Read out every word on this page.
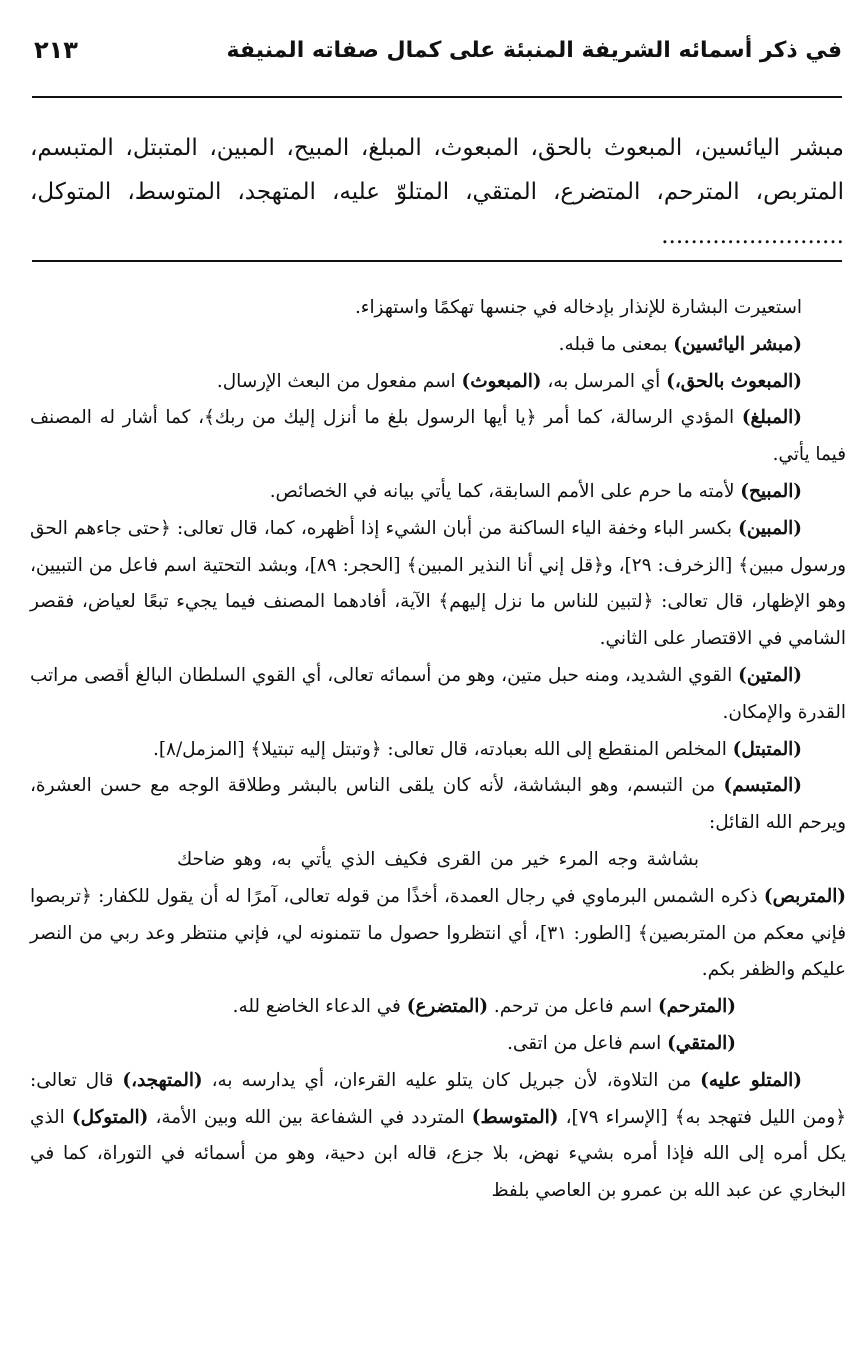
في ذكر أسمائه الشريفة المنبئة على كمال صفاته المنيفة
٢١٣
مبشر اليائسين، المبعوث بالحق، المبعوث، المبلغ، المبيح، المبين، المتبتل، المتبسم، المتربص، المترحم، المتضرع، المتقي، المتلوّ عليه، المتهجد، المتوسط، المتوكل، .........................

استعيرت البشارة للإنذار بإدخاله في جنسها تهكمًا واستهزاء.

(مبشر اليائسين) بمعنى ما قبله.

(المبعوث بالحق،) أي المرسل به، (المبعوث) اسم مفعول من البعث الإرسال.

(المبلغ) المؤدي الرسالة، كما أمر ﴿يا أيها الرسول بلغ ما أنزل إليك من ربك﴾، كما أشار له المصنف فيما يأتي.

(المبيح) لأمته ما حرم على الأمم السابقة، كما يأتي بيانه في الخصائص.

(المبين) بكسر الباء وخفة الياء الساكنة من أبان الشيء إذا أظهره، كما، قال تعالى: ﴿حتى جاءهم الحق ورسول مبين﴾ [الزخرف: ٢٩]، و﴿قل إني أنا النذير المبين﴾ [الحجر: ٨٩]، وبشد التحتية اسم فاعل من التبيين، وهو الإظهار، قال تعالى: ﴿لتبين للناس ما نزل إليهم﴾ الآية، أفادهما المصنف فيما يجيء تبعًا لعياض، فقصر الشامي في الاقتصار على الثاني.

(المتين) القوي الشديد، ومنه حبل متين، وهو من أسمائه تعالى، أي القوي السلطان البالغ أقصى مراتب القدرة والإمكان.

(المتبتل) المخلص المنقطع إلى الله بعبادته، قال تعالى: ﴿وتبتل إليه تبتيلا﴾ [المزمل/٨].

(المتبسم) من التبسم، وهو البشاشة، لأنه كان يلقى الناس بالبشر وطلاقة الوجه مع حسن العشرة، ويرحم الله القائل:

بشاشة وجه المرء خير من القرى فكيف الذي يأتي به، وهو ضاحك

(المتربص) ذكره الشمس البرماوي في رجال العمدة، أخذًا من قوله تعالى، آمرًا له أن يقول للكفار: ﴿تربصوا فإني معكم من المتربصين﴾ [الطور: ٣١]، أي انتظروا حصول ما تتمنونه لي، فإني منتظر وعد ربي من النصر عليكم والظفر بكم.

(المترحم) اسم فاعل من ترحم. (المتضرع) في الدعاء الخاضع لله.

(المتقي) اسم فاعل من اتقى.

(المتلو عليه) من التلاوة، لأن جبريل كان يتلو عليه القرءان، أي يدارسه به، (المتهجد،) قال تعالى: ﴿ومن الليل فتهجد به﴾ [الإسراء ٧٩]، (المتوسط) المتردد في الشفاعة بين الله وبين الأمة، (المتوكل) الذي يكل أمره إلى الله فإذا أمره بشيء نهض، بلا جزع، قاله ابن دحية، وهو من أسمائه في التوراة، كما في البخاري عن عبد الله بن عمرو بن العاصي بلفظ
